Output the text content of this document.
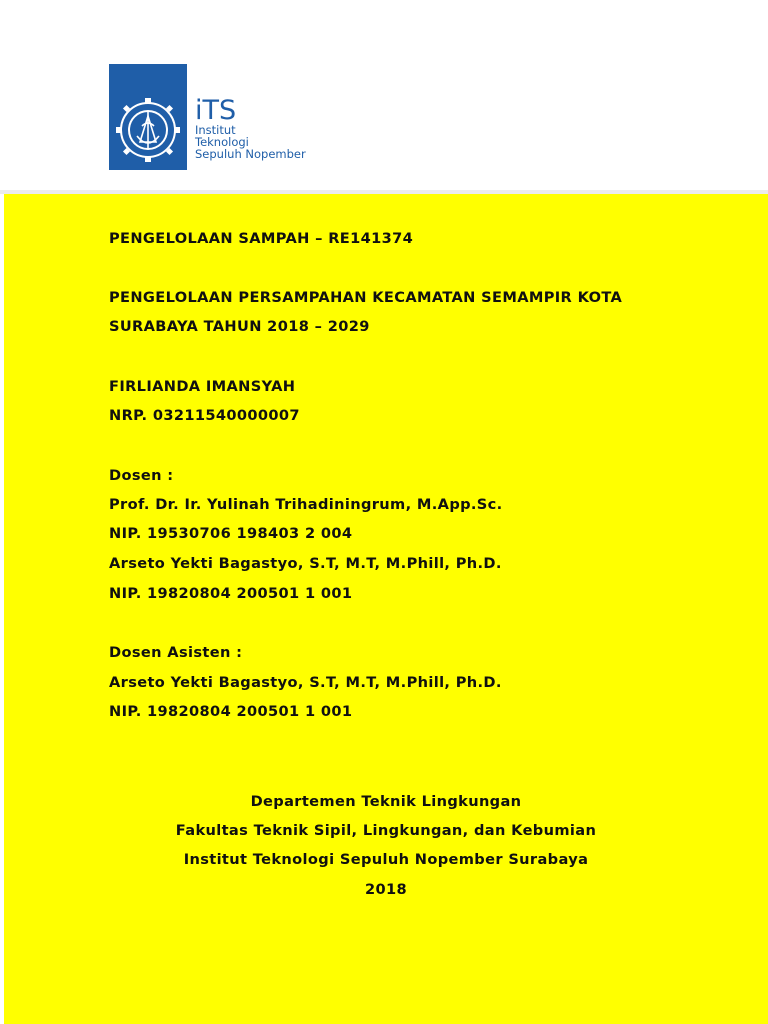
iTS
Institut
Teknologi
Sepuluh Nopember
PENGELOLAAN SAMPAH – RE141374
PENGELOLAAN PERSAMPAHAN KECAMATAN SEMAMPIR KOTA
SURABAYA TAHUN 2018 – 2029
FIRLIANDA IMANSYAH
NRP. 03211540000007
Dosen :
Prof. Dr. Ir. Yulinah Trihadiningrum, M.App.Sc.
NIP. 19530706 198403 2 004
Arseto Yekti Bagastyo, S.T, M.T, M.Phill, Ph.D.
NIP. 19820804 200501 1 001
Dosen Asisten :
Arseto Yekti Bagastyo, S.T, M.T, M.Phill, Ph.D.
NIP. 19820804 200501 1 001
Departemen Teknik Lingkungan
Fakultas Teknik Sipil, Lingkungan, dan Kebumian
Institut Teknologi Sepuluh Nopember Surabaya
2018
